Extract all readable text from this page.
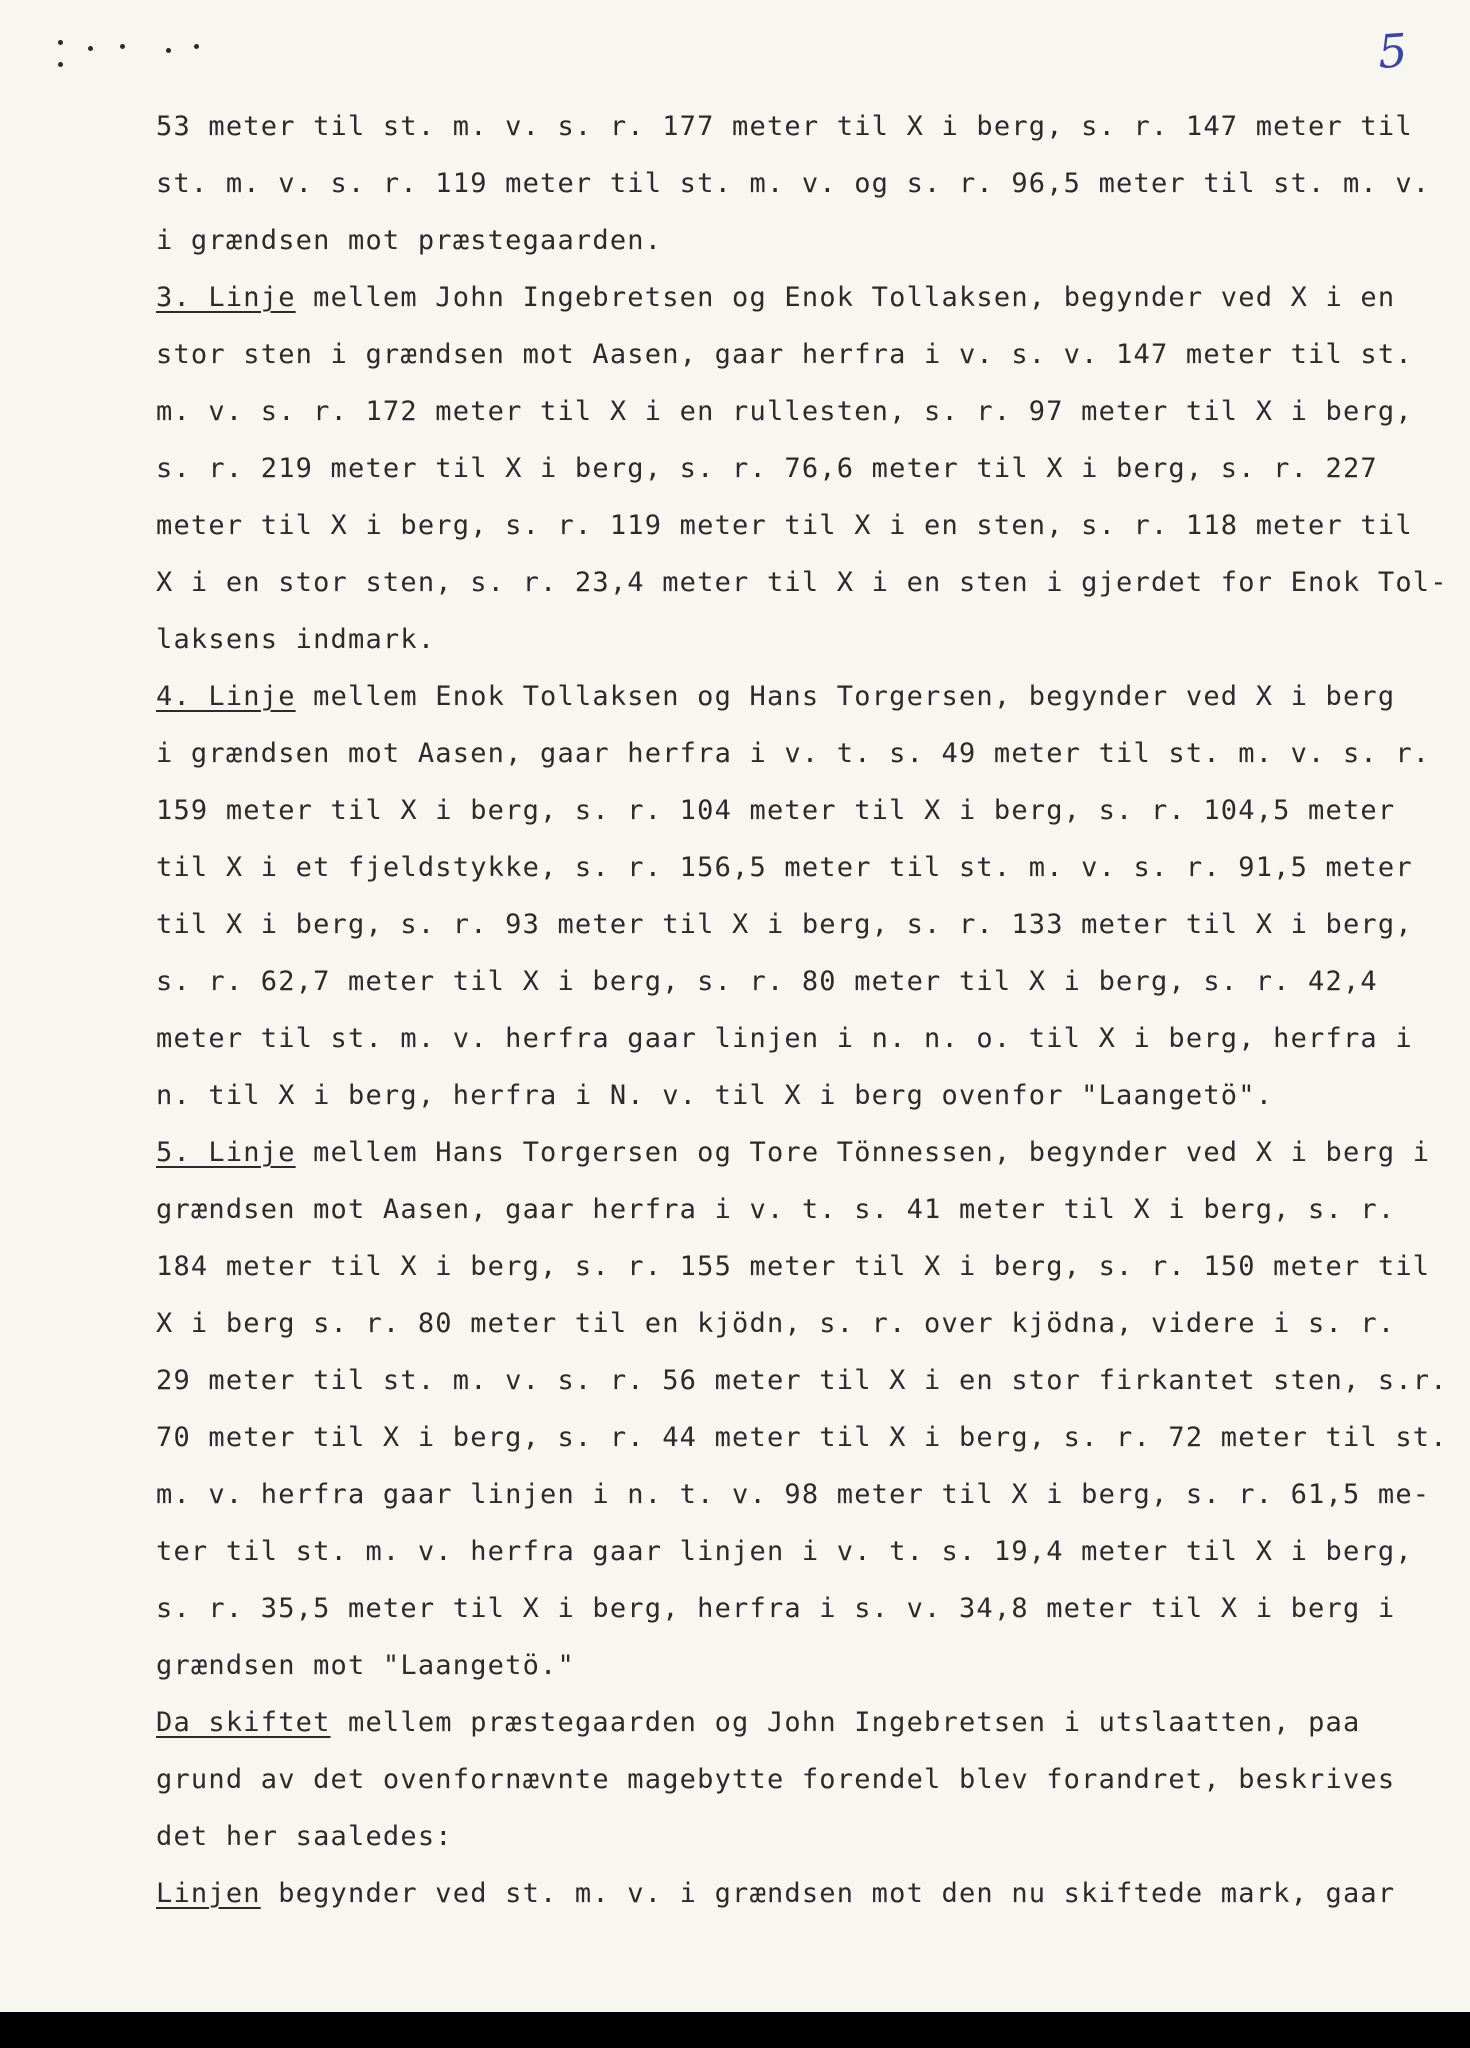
5
53 meter til st. m. v. s. r. 177 meter til X i berg, s. r. 147 meter til
st. m. v. s. r. 119 meter til st. m. v. og s. r. 96,5 meter til st. m. v.
i grændsen mot præstegaarden.
3. Linje mellem John Ingebretsen og Enok Tollaksen, begynder ved X i en
stor sten i grændsen mot Aasen, gaar herfra i v. s. v. 147 meter til st.
m. v. s. r. 172 meter til X i en rullesten, s. r. 97 meter til X i berg,
s. r. 219 meter til X i berg, s. r. 76,6 meter til X i berg, s. r. 227
meter til X i berg, s. r. 119 meter til X i en sten, s. r. 118 meter til
X i en stor sten, s. r. 23,4 meter til X i en sten i gjerdet for Enok Tol-
laksens indmark.
4. Linje mellem Enok Tollaksen og Hans Torgersen, begynder ved X i berg
i grændsen mot Aasen, gaar herfra i v. t. s. 49 meter til st. m. v. s. r.
159 meter til X i berg, s. r. 104 meter til X i berg, s. r. 104,5 meter
til X i et fjeldstykke, s. r. 156,5 meter til st. m. v. s. r. 91,5 meter
til X i berg, s. r. 93 meter til X i berg, s. r. 133 meter til X i berg,
s. r. 62,7 meter til X i berg, s. r. 80 meter til X i berg, s. r. 42,4
meter til st. m. v. herfra gaar linjen i n. n. o. til X i berg, herfra i
n. til X i berg, herfra i N. v. til X i berg ovenfor "Laangetö".
5. Linje mellem Hans Torgersen og Tore Tönnessen, begynder ved X i berg i
grændsen mot Aasen, gaar herfra i v. t. s. 41 meter til X i berg, s. r.
184 meter til X i berg, s. r. 155 meter til X i berg, s. r. 150 meter til
X i berg s. r. 80 meter til en kjödn, s. r. over kjödna, videre i s. r.
29 meter til st. m. v. s. r. 56 meter til X i en stor firkantet sten, s.r.
70 meter til X i berg, s. r. 44 meter til X i berg, s. r. 72 meter til st.
m. v. herfra gaar linjen i n. t. v. 98 meter til X i berg, s. r. 61,5 me-
ter til st. m. v. herfra gaar linjen i v. t. s. 19,4 meter til X i berg,
s. r. 35,5 meter til X i berg, herfra i s. v. 34,8 meter til X i berg i
grændsen mot "Laangetö."
Da skiftet mellem præstegaarden og John Ingebretsen i utslaatten, paa
grund av det ovenfornævnte magebytte forendel blev forandret, beskrives
det her saaledes:
Linjen begynder ved st. m. v. i grændsen mot den nu skiftede mark, gaar
